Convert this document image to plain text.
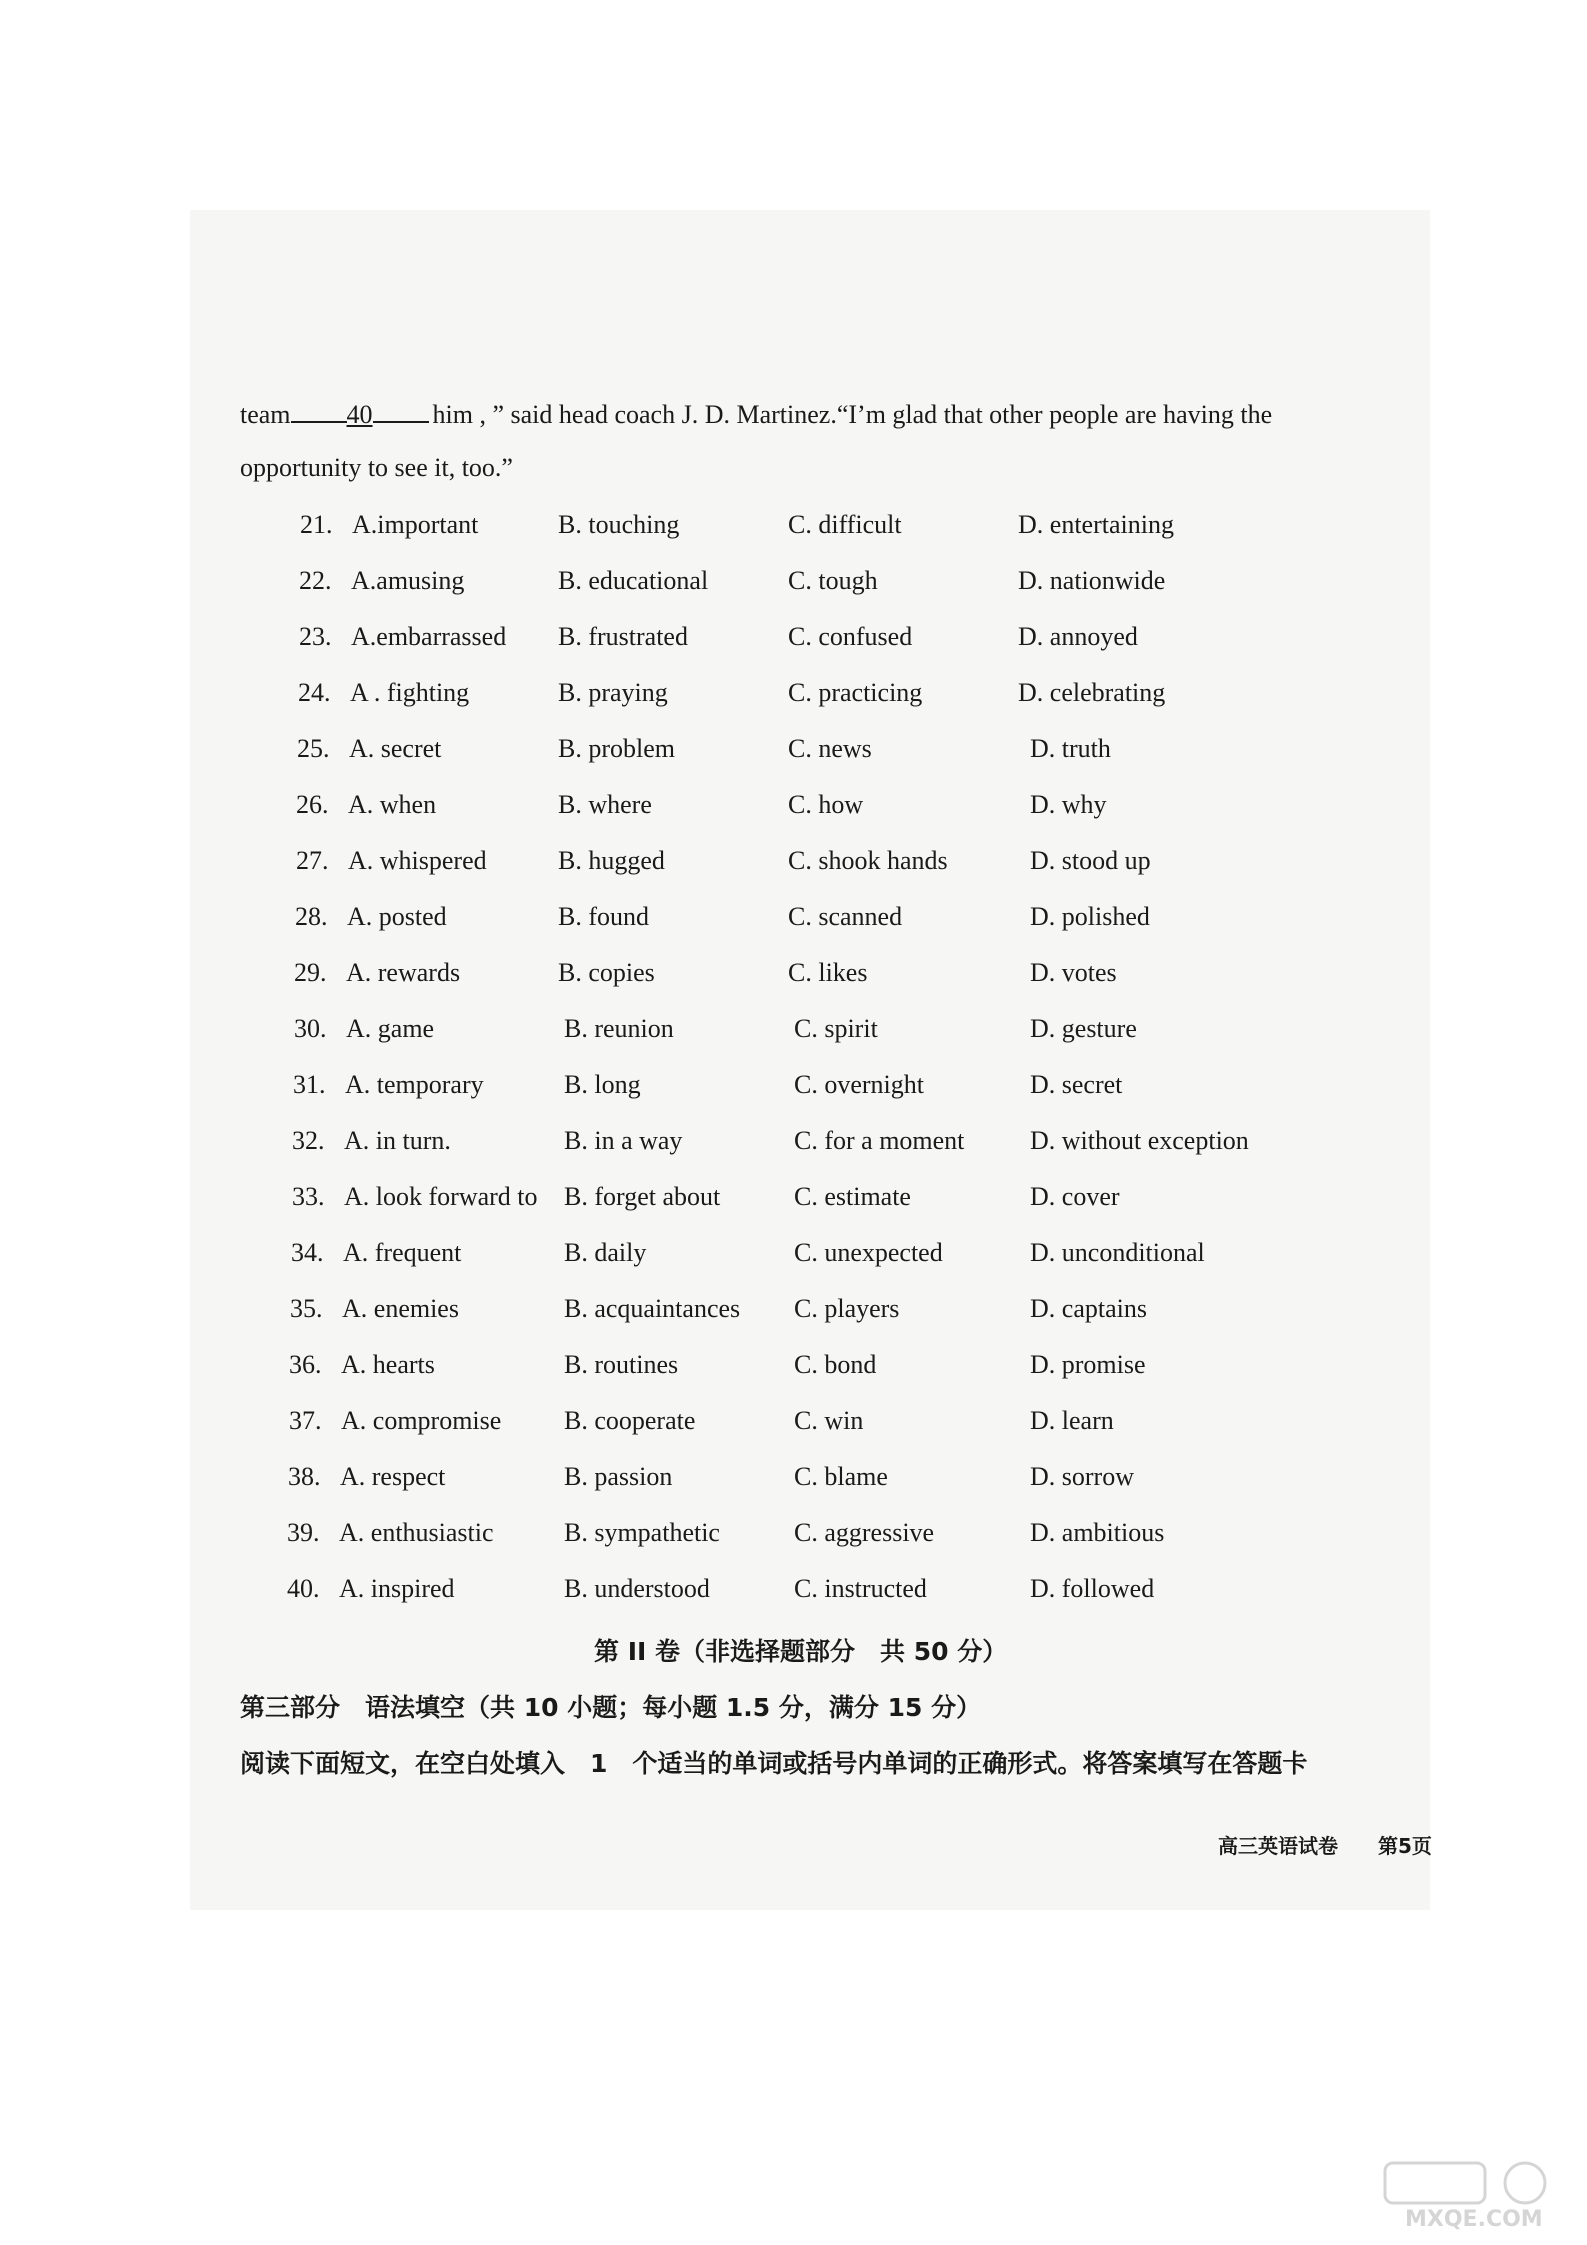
team 40 him , ” said head coach J. D. Martinez.“I’m glad that other people are having the
opportunity to see it, too.”
21. A.important	B. touching	C. difficult	D. entertaining
22. A.amusing	B. educational	C. tough	D. nationwide
23. A.embarrassed B. frustrated	C. confused	D. annoyed
24. A . fighting	B. praying	C. practicing	D. celebrating
25. A. secret	B. problem	C. news	D. truth
26. A. when	B. where	C. how	D. why
27. A. whispered	B. hugged	C. shook hands	D. stood up
28. A. posted	B. found	C. scanned	D. polished
29. A. rewards	B. copies	C. likes	D. votes
30. A. game	B. reunion	C. spirit	D. gesture
31. A. temporary	B. long	C. overnight	D. secret
32. A. in turn.	B. in a way	C. for a moment	D. without exception
33. A. look forward to B. forget about	C. estimate	D. cover
34. A. frequent	B. daily	C. unexpected	D. unconditional
35. A. enemies	B. acquaintances C. players	D. captains
36. A. hearts	B. routines	C. bond	D. promise
37. A. compromise B. cooperate	C. win	D. learn
38. A. respect	B. passion	C. blame	D. sorrow
39. A. enthusiastic	B. sympathetic	C. aggressive	D. ambitious
40. A. inspired	B. understood	C. instructed	D. followed
第 II 卷（非选择题部分　共 50 分）
第三部分　语法填空（共 10 小题；每小题 1.5 分，满分 15 分）
阅读下面短文，在空白处填入　1　个适当的单词或括号内单词的正确形式。将答案填写在答题卡
高三英语试卷 第5页
MXQE.COM
